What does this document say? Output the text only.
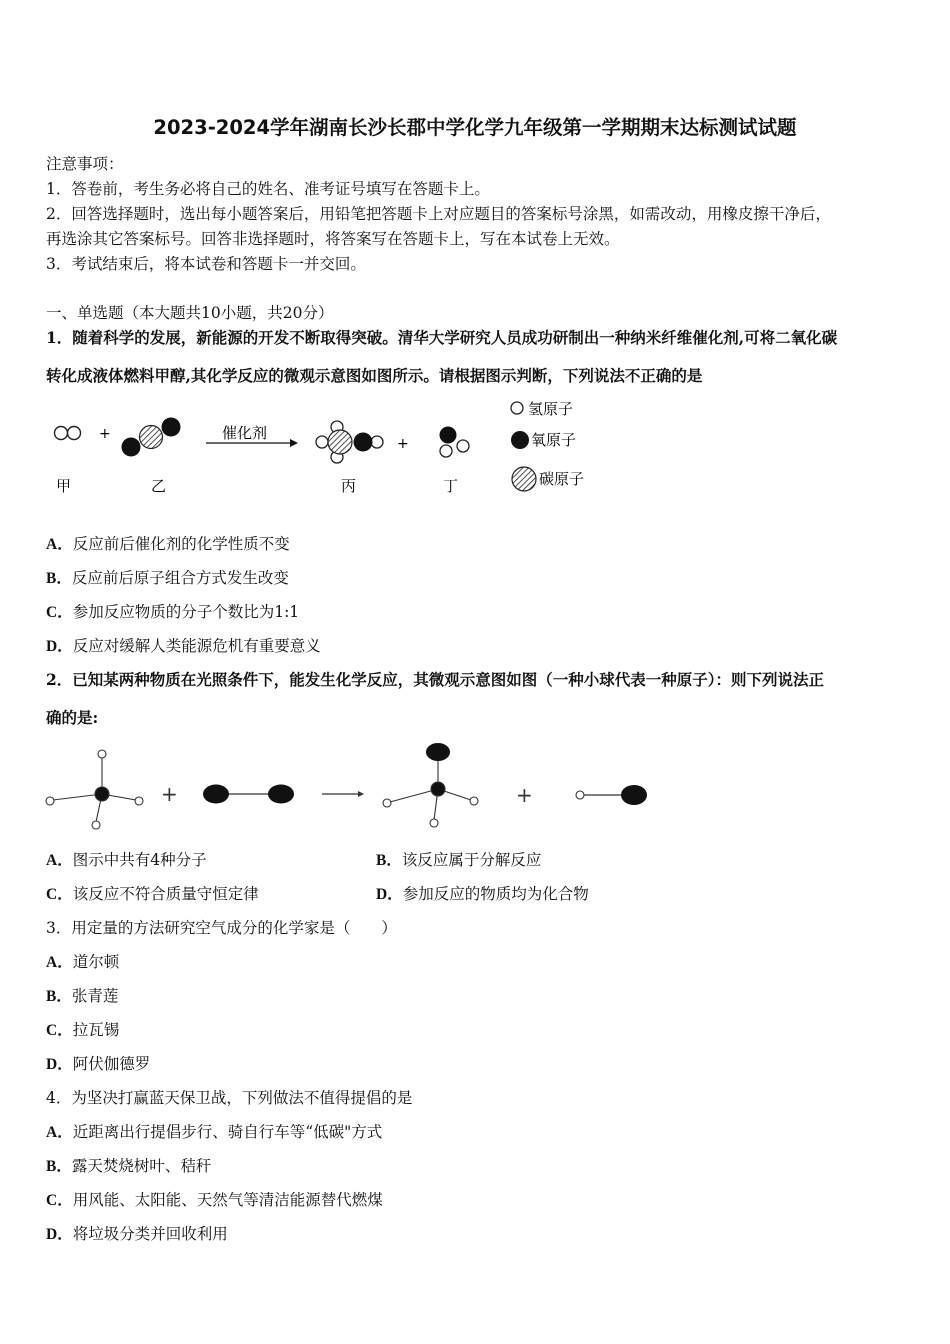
2023-2024学年湖南长沙长郡中学化学九年级第一学期期末达标测试试题
注意事项：
1．答卷前，考生务必将自己的姓名、准考证号填写在答题卡上。
2．回答选择题时，选出每小题答案后，用铅笔把答题卡上对应题目的答案标号涂黑，如需改动，用橡皮擦干净后，
再选涂其它答案标号。回答非选择题时，将答案写在答题卡上，写在本试卷上无效。
3．考试结束后，将本试卷和答题卡一并交回。
一、单选题（本大题共10小题，共20分）
1．随着科学的发展，新能源的开发不断取得突破。清华大学研究人员成功研制出一种纳米纤维催化剂,可将二氧化碳
转化成液体燃料甲醇,其化学反应的微观示意图如图所示。请根据图示判断，下列说法不正确的是
+	催化剂
+
氢原子
氧原子
碳原子
甲	乙	丙	丁
A．反应前后催化剂的化学性质不变
B．反应前后原子组合方式发生改变
C．参加反应物质的分子个数比为1:1
D．反应对缓解人类能源危机有重要意义
2．已知某两种物质在光照条件下，能发生化学反应，其微观示意图如图（一种小球代表一种原子）：则下列说法正
确的是:
+	+
A．图示中共有4种分子	B．该反应属于分解反应
C．该反应不符合质量守恒定律	D．参加反应的物质均为化合物
3．用定量的方法研究空气成分的化学家是（　　）
A．道尔顿
B．张青莲
C．拉瓦锡
D．阿伏伽德罗
4．为坚决打赢蓝天保卫战，下列做法不值得提倡的是
A．近距离出行提倡步行、骑自行车等“低碳"方式
B．露天焚烧树叶、秸秆
C．用风能、太阳能、天然气等清洁能源替代燃煤
D．将垃圾分类并回收利用
